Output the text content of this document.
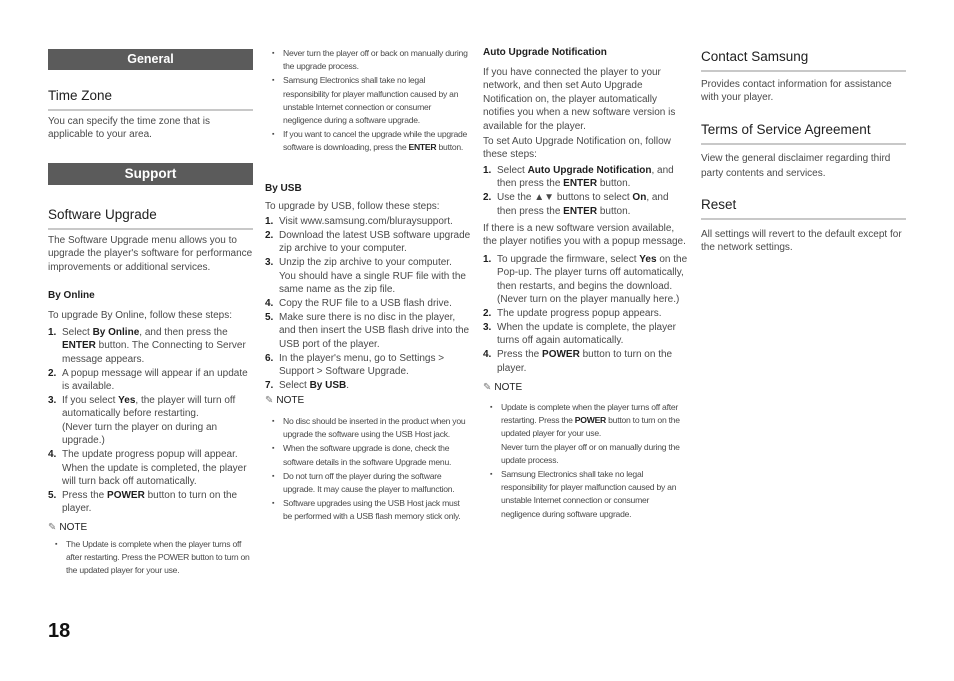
General
Time Zone

You can specify the time zone that is applicable to your area.

Support
Software Upgrade

The Software Upgrade menu allows you to upgrade the player's software for performance improvements or additional services.

By Online

To upgrade By Online, follow these steps:

1. Select By Online, and then press the ENTER button. The Connecting to Server message appears.
2. A popup message will appear if an update is available.
3. If you select Yes, the player will turn off automatically before restarting.
(Never turn the player on during an upgrade.)
4. The update progress popup will appear. When the update is completed, the player will turn back off automatically.
5. Press the POWER button to turn on the player.
✎ NOTE
▪ The Update is complete when the player turns off after restarting. Press the POWER button to turn on the updated player for your use.
▪ Never turn the player off or back on manually during the upgrade process.
▪ Samsung Electronics shall take no legal responsibility for player malfunction caused by an unstable Internet connection or consumer negligence during a software upgrade.
▪ If you want to cancel the upgrade while the upgrade software is downloading, press the ENTER button.
By USB

To upgrade by USB, follow these steps:

1. Visit www.samsung.com/bluraysupport.
2. Download the latest USB software upgrade zip archive to your computer.
3. Unzip the zip archive to your computer. You should have a single RUF file with the same name as the zip file.
4. Copy the RUF file to a USB flash drive.
5. Make sure there is no disc in the player, and then insert the USB flash drive into the USB port of the player.
6. In the player's menu, go to Settings > Support > Software Upgrade.
7. Select By USB.
✎ NOTE
▪ No disc should be inserted in the product when you upgrade the software using the USB Host jack.
▪ When the software upgrade is done, check the software details in the software Upgrade menu.
▪ Do not turn off the player during the software upgrade. It may cause the player to malfunction.
▪ Software upgrades using the USB Host jack must be performed with a USB flash memory stick only.
Auto Upgrade Notification

If you have connected the player to your network, and then set Auto Upgrade Notification on, the player automatically notifies you when a new software version is available for the player.

To set Auto Upgrade Notification on, follow these steps:

1. Select Auto Upgrade Notification, and then press the ENTER button.
2. Use the ▲▼ buttons to select On, and then press the ENTER button.

If there is a new software version available, the player notifies you with a popup message.

1. To upgrade the firmware, select Yes on the Pop-up. The player turns off automatically, then restarts, and begins the download. (Never turn on the player manually here.)
2. The update progress popup appears.
3. When the update is complete, the player turns off again automatically.
4. Press the POWER button to turn on the player.
✎ NOTE
▪ Update is complete when the player turns off after restarting. Press the POWER button to turn on the updated player for your use.
Never turn the player off or on manually during the update process.
▪ Samsung Electronics shall take no legal responsibility for player malfunction caused by an unstable Internet connection or consumer negligence during software upgrade.
Contact Samsung

Provides contact information for assistance with your player.

Terms of Service Agreement

View the general disclaimer regarding third party contents and services.

Reset

All settings will revert to the default except for the network settings.

18
